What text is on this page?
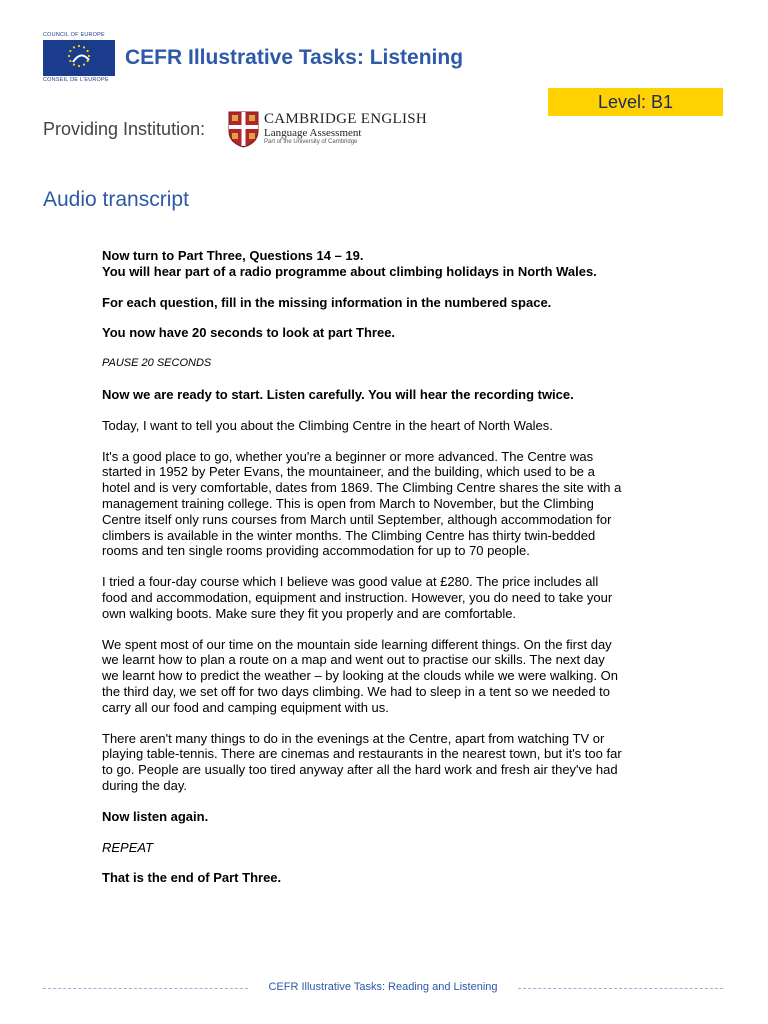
COUNCIL OF EUROPE
CONSEIL DE L'EUROPE
CEFR Illustrative Tasks: Listening
Level: B1
Providing Institution:	CAMBRIDGE ENGLISH
Language Assessment
Part of the University of Cambridge
Audio transcript

Now turn to Part Three, Questions 14 – 19.

You will hear part of a radio programme about climbing holidays in North Wales.

For each question, fill in the missing information in the numbered space.

You now have 20 seconds to look at part Three.

PAUSE 20 SECONDS

Now we are ready to start. Listen carefully. You will hear the recording twice.

Today, I want to tell you about the Climbing Centre in the heart of North Wales.

It's a good place to go, whether you're a beginner or more advanced. The Centre was started in 1952 by Peter Evans, the mountaineer, and the building, which used to be a hotel and is very comfortable, dates from 1869. The Climbing Centre shares the site with a management training college. This is open from March to November, but the Climbing Centre itself only runs courses from March until September, although accommodation for climbers is available in the winter months. The Climbing Centre has thirty twin-bedded rooms and ten single rooms providing accommodation for up to 70 people.

I tried a four-day course which I believe was good value at £280. The price includes all food and accommodation, equipment and instruction. However, you do need to take your own walking boots. Make sure they fit you properly and are comfortable.

We spent most of our time on the mountain side learning different things. On the first day we learnt how to plan a route on a map and went out to practise our skills. The next day we learnt how to predict the weather – by looking at the clouds while we were walking. On the third day, we set off for two days climbing. We had to sleep in a tent so we needed to carry all our food and camping equipment with us.

There aren't many things to do in the evenings at the Centre, apart from watching TV or playing table-tennis. There are cinemas and restaurants in the nearest town, but it's too far to go. People are usually too tired anyway after all the hard work and fresh air they've had during the day.

Now listen again.

REPEAT

That is the end of Part Three.

CEFR Illustrative Tasks: Reading and Listening
